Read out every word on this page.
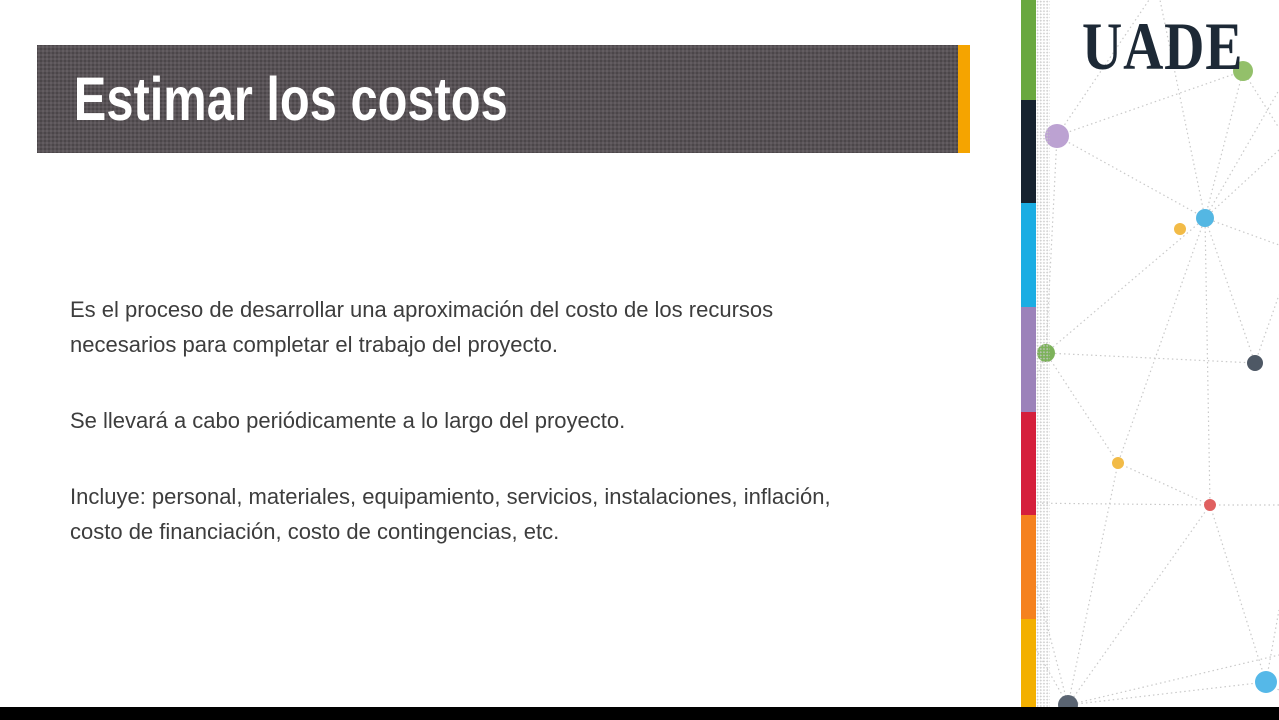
Estimar los costos
UADE
Es el proceso de desarrollar una aproximación del costo de los recursos
necesarios para completar el trabajo del proyecto.
Se llevará a cabo periódicamente a lo largo del proyecto.
Incluye: personal, materiales, equipamiento, servicios, instalaciones, inflación,
costo de financiación, costo de contingencias, etc.
